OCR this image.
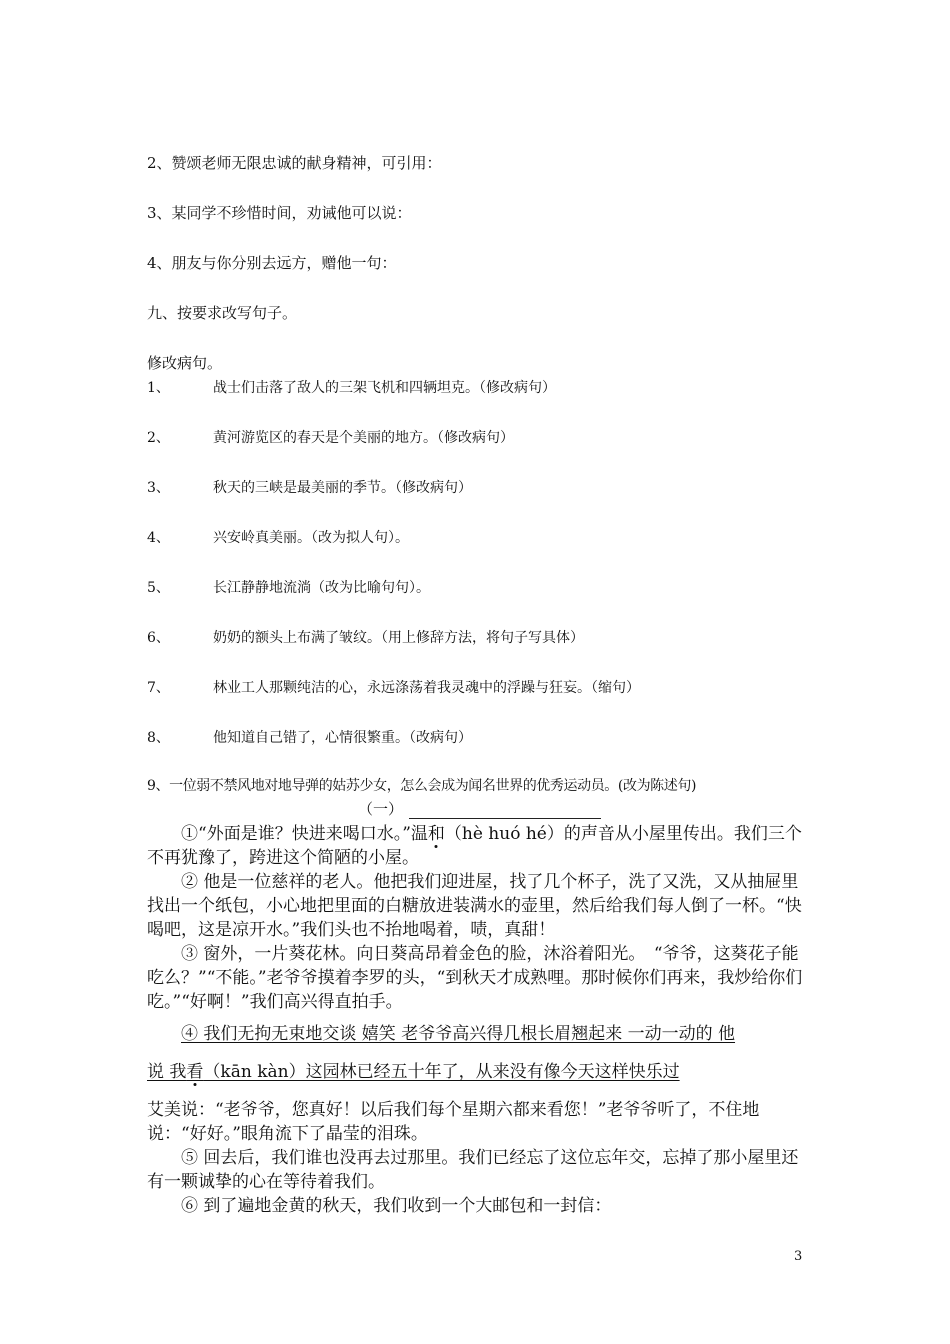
2、赞颂老师无限忠诚的献身精神，可引用：
3、某同学不珍惜时间，劝诫他可以说：
4、朋友与你分别去远方，赠他一句：
九、按要求改写句子。
修改病句。
1、	战士们击落了敌人的三架飞机和四辆坦克。（修改病句）
2、	黄河游览区的春天是个美丽的地方。（修改病句）
3、	秋天的三峡是最美丽的季节。（修改病句）
4、	兴安岭真美丽。（改为拟人句）。
5、	长江静静地流淌（改为比喻句句）。
6、	奶奶的额头上布满了皱纹。（用上修辞方法，将句子写具体）
7、	林业工人那颗纯洁的心，永远涤荡着我灵魂中的浮躁与狂妄。（缩句）
8、	他知道自己错了，心情很繁重。（改病句）
9、一位弱不禁风地对地导弹的姑苏少女，怎么会成为闻名世界的优秀运动员。(改为陈述句)
（一）
①“外面是谁？快进来喝口水。”温和（hè huó hé）的声音从小屋里传出。我们三个不再犹豫了，跨进这个简陋的小屋。
② 他是一位慈祥的老人。他把我们迎进屋，找了几个杯子，洗了又洗，又从抽屉里找出一个纸包，小心地把里面的白糖放进装满水的壶里，然后给我们每人倒了一杯。“快喝吧，这是凉开水。”我们头也不抬地喝着，啧，真甜！
③ 窗外，一片葵花林。向日葵高昂着金色的脸，沐浴着阳光。　“爷爷，这葵花子能吃么？”“不能。”老爷爷摸着李罗的头，“到秋天才成熟哩。那时候你们再来，我炒给你们吃。”“好啊！”我们高兴得直拍手。
④ 我们无拘无束地交谈 嬉笑 老爷爷高兴得几根长眉翘起来 一动一动的 他
说 我看（kān kàn）这园林已经五十年了，从来没有像今天这样快乐过
艾美说：“老爷爷，您真好！以后我们每个星期六都来看您！”老爷爷听了，不住地说：“好好。”眼角流下了晶莹的泪珠。
⑤ 回去后，我们谁也没再去过那里。我们已经忘了这位忘年交，忘掉了那小屋里还有一颗诚挚的心在等待着我们。
⑥ 到了遍地金黄的秋天，我们收到一个大邮包和一封信：
3
